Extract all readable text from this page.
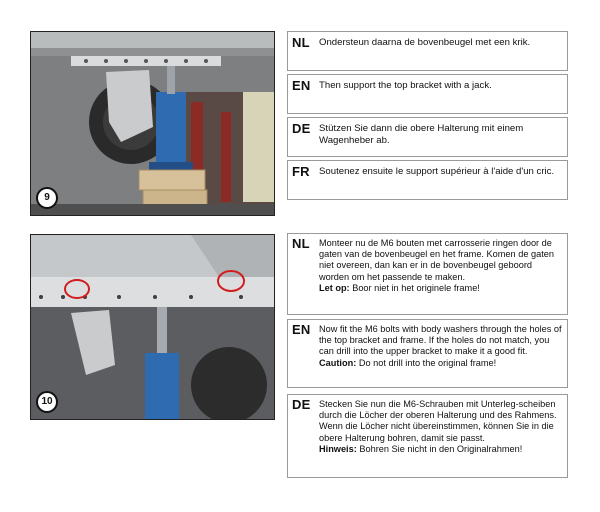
9
NL Ondersteun daarna de bovenbeugel met een krik.
EN Then support the top bracket with a jack.
DE Stützen Sie dann die obere Halterung mit einem Wagenheber ab.
FR Soutenez ensuite le support supérieur à l'aide d'un cric.
10
NL Monteer nu de M6 bouten met carrosserie ringen door de gaten van de bovenbeugel en het frame. Komen de gaten niet overeen, dan kan er in de bovenbeugel geboord worden om het passende te maken.
Let op: Boor niet in het originele frame!
EN Now fit the M6 bolts with body washers through the holes of the top bracket and frame. If the holes do not match, you can drill into the upper bracket to make it a good fit.
Caution: Do not drill into the original frame!
DE Stecken Sie nun die M6-Schrauben mit Unterleg-scheiben durch die Löcher der oberen Halterung und des Rahmens. Wenn die Löcher nicht übereinstimmen, können Sie in die obere Halterung bohren, damit sie passt.
Hinweis: Bohren Sie nicht in den Originalrahmen!
